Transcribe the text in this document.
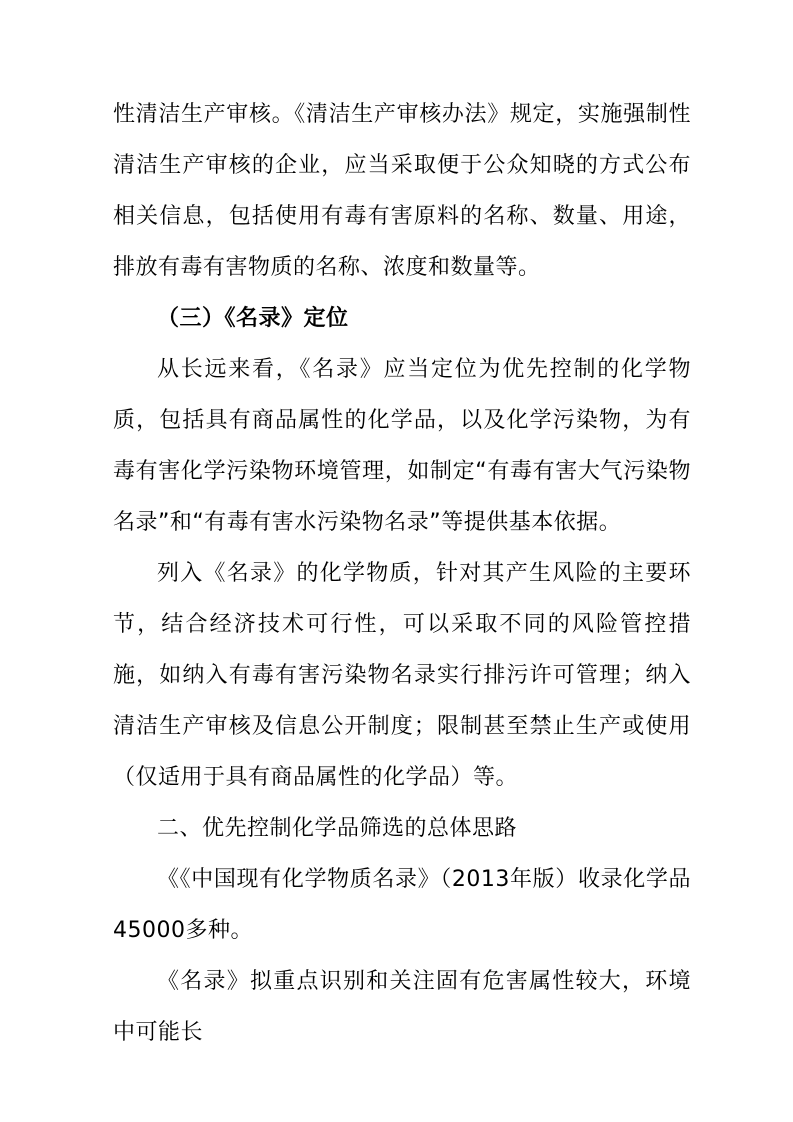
性清洁生产审核。《清洁生产审核办法》规定，实施强制性清洁生产审核的企业，应当采取便于公众知晓的方式公布相关信息，包括使用有毒有害原料的名称、数量、用途，排放有毒有害物质的名称、浓度和数量等。

（三）《名录》定位

从长远来看，《名录》应当定位为优先控制的化学物质，包括具有商品属性的化学品，以及化学污染物，为有毒有害化学污染物环境管理，如制定“有毒有害大气污染物名录”和“有毒有害水污染物名录”等提供基本依据。

列入《名录》的化学物质，针对其产生风险的主要环节，结合经济技术可行性，可以采取不同的风险管控措施，如纳入有毒有害污染物名录实行排污许可管理；纳入清洁生产审核及信息公开制度；限制甚至禁止生产或使用（仅适用于具有商品属性的化学品）等。

二、优先控制化学品筛选的总体思路

《《中国现有化学物质名录》（2013年版）收录化学品45000多种。

《名录》拟重点识别和关注固有危害属性较大，环境中可能长
